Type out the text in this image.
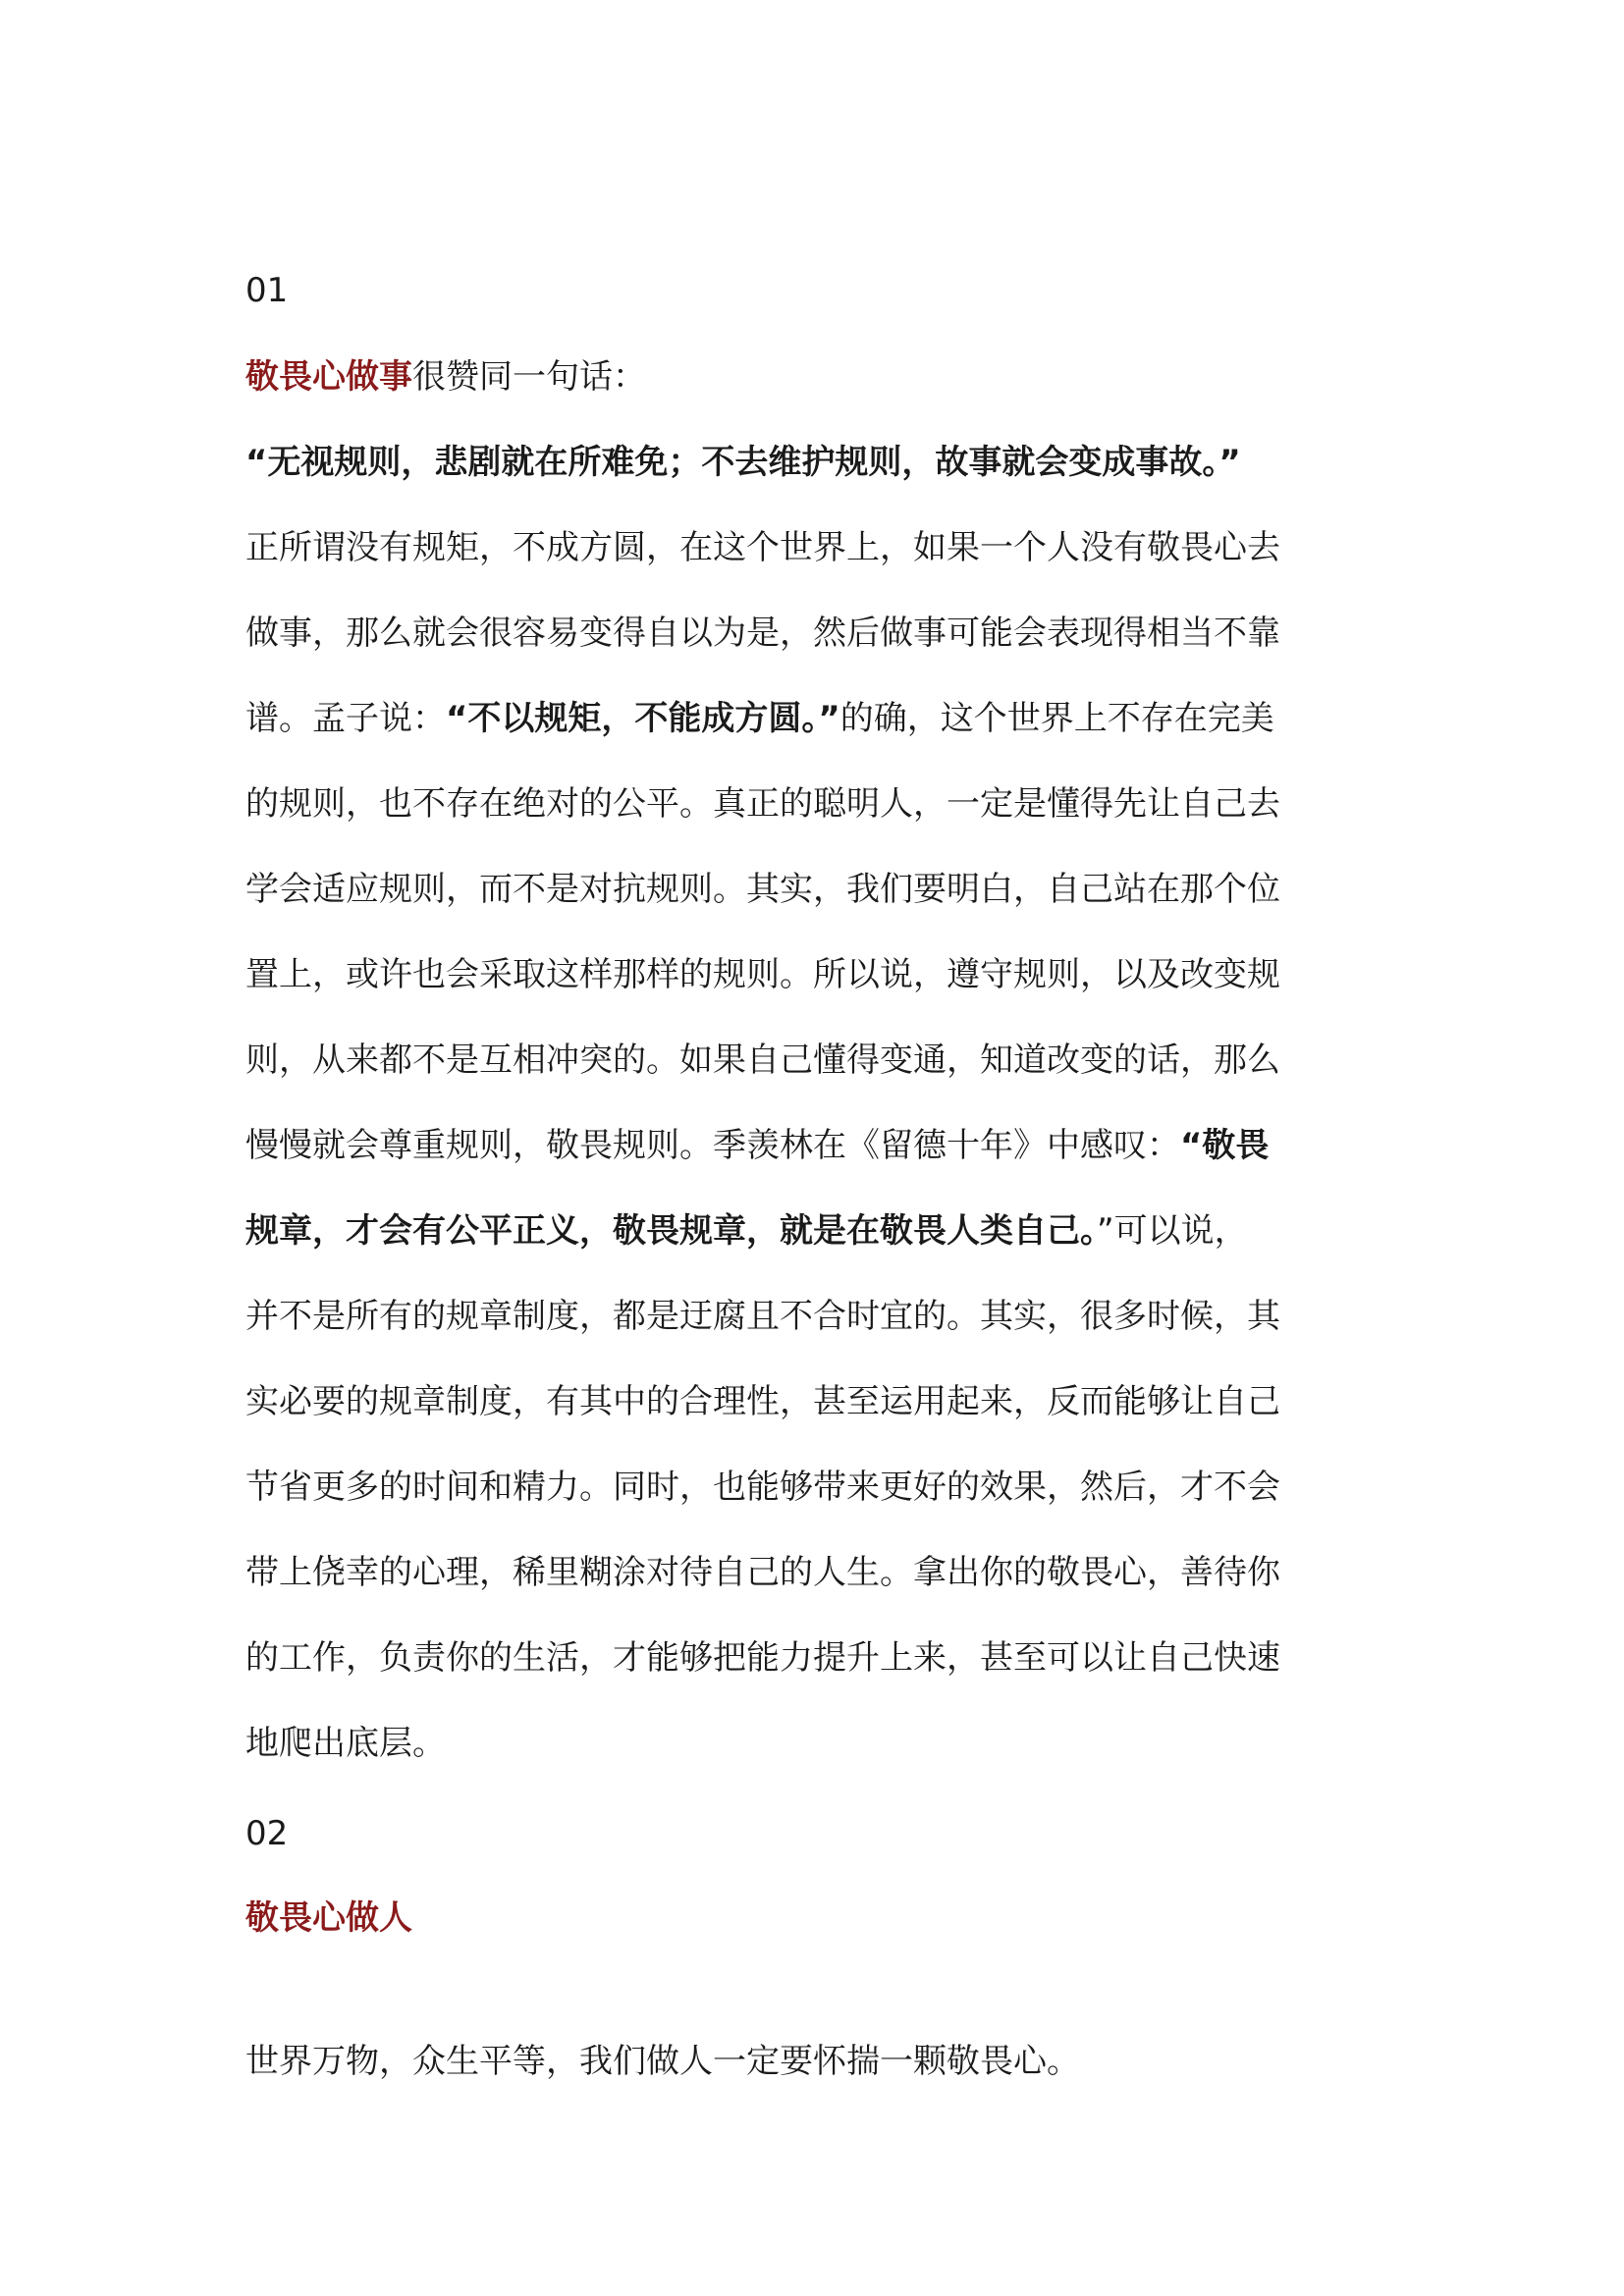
01
敬畏心做事很赞同一句话：
“无视规则，悲剧就在所难免；不去维护规则，故事就会变成事故。”
正所谓没有规矩，不成方圆，在这个世界上，如果一个人没有敬畏心去
做事，那么就会很容易变得自以为是，然后做事可能会表现得相当不靠
谱。孟子说：“不以规矩，不能成方圆。”的确，这个世界上不存在完美
的规则，也不存在绝对的公平。真正的聪明人，一定是懂得先让自己去
学会适应规则，而不是对抗规则。其实，我们要明白，自己站在那个位
置上，或许也会采取这样那样的规则。所以说，遵守规则，以及改变规
则，从来都不是互相冲突的。如果自己懂得变通，知道改变的话，那么
慢慢就会尊重规则，敬畏规则。季羡林在《留德十年》中感叹：“敬畏
规章，才会有公平正义，敬畏规章，就是在敬畏人类自己。”可以说，
并不是所有的规章制度，都是迂腐且不合时宜的。其实，很多时候，其
实必要的规章制度，有其中的合理性，甚至运用起来，反而能够让自己
节省更多的时间和精力。同时，也能够带来更好的效果，然后，才不会
带上侥幸的心理，稀里糊涂对待自己的人生。拿出你的敬畏心，善待你
的工作，负责你的生活，才能够把能力提升上来，甚至可以让自己快速
地爬出底层。
02
敬畏心做人
世界万物，众生平等，我们做人一定要怀揣一颗敬畏心。
